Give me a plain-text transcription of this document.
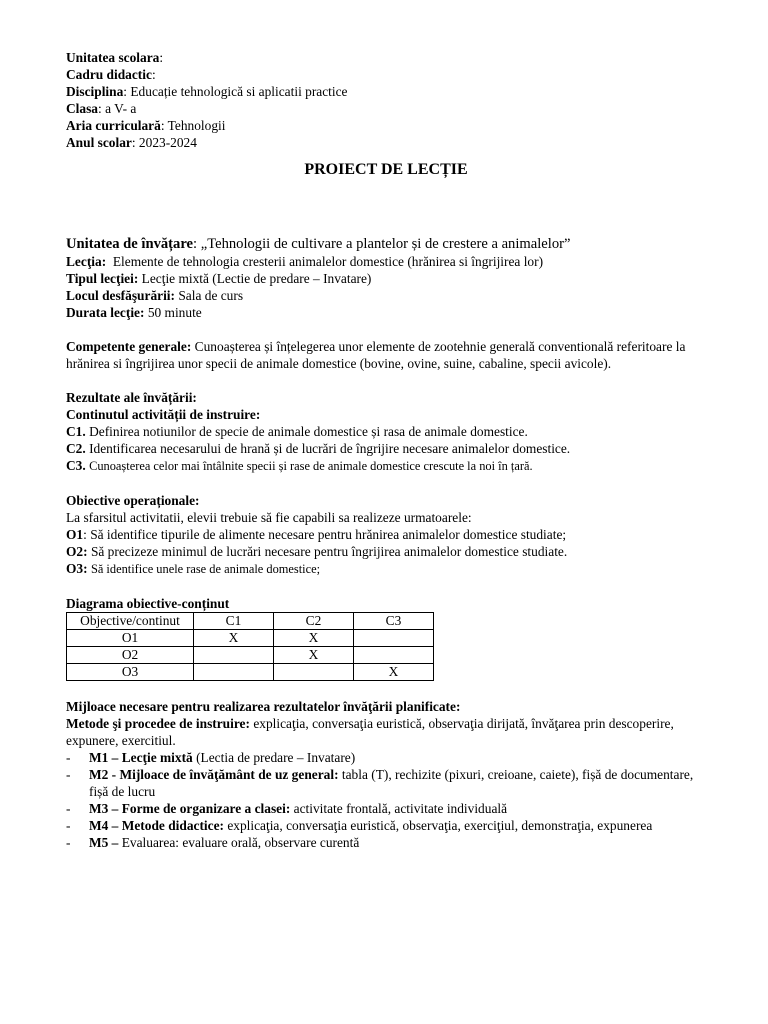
Unitatea scolara:

Cadru didactic:

Disciplina: Educație tehnologică si aplicatii practice

Clasa: a V- a

Aria curriculară: Tehnologii

Anul scolar: 2023-2024

PROIECT DE LECȚIE

Unitatea de învățare: „Tehnologii de cultivare a plantelor și de crestere a animalelor”

Lecţia: Elemente de tehnologia cresterii animalelor domestice (hrănirea si îngrijirea lor)

Tipul lecţiei: Lecţie mixtă (Lectie de predare – Invatare)

Locul desfăşurării: Sala de curs

Durata lecţie: 50 minute

Competente generale: Cunoașterea și înțelegerea unor elemente de zootehnie generală conventională referitoare la hrănirea si îngrijirea unor specii de animale domestice (bovine, ovine, suine, cabaline, specii avicole).

Rezultate ale învățării:

Continutul activității de instruire:

C1. Definirea notiunilor de specie de animale domestice și rasa de animale domestice.

C2. Identificarea necesarului de hrană și de lucrări de îngrijire necesare animalelor domestice.

C3. Cunoașterea celor mai întâlnite specii și rase de animale domestice crescute la noi în țară.

Obiective operaționale:

La sfarsitul activitatii, elevii trebuie să fie capabili sa realizeze urmatoarele:

O1: Să identifice tipurile de alimente necesare pentru hrănirea animalelor domestice studiate;

O2: Să precizeze minimul de lucrări necesare pentru îngrijirea animalelor domestice studiate.

O3: Să identifice unele rase de animale domestice;

Diagrama obiective-conținut

Objective/continut	C1	C2	C3
O1	X	X	
O2		X	
O3			X

Mijloace necesare pentru realizarea rezultatelor învăţării planificate:

Metode şi procedee de instruire: explicaţia, conversaţia euristică, observaţia dirijată, învăţarea prin descoperire, expunere, exercitiul.

- M1 – Lecţie mixtă (Lectia de predare – Invatare)
- M2 - Mijloace de învăţământ de uz general: tabla (T), rechizite (pixuri, creioane, caiete), fișă de documentare, fișă de lucru
- M3 – Forme de organizare a clasei: activitate frontală, activitate individuală
- M4 – Metode didactice: explicaţia, conversaţia euristică, observaţia, exerciţiul, demonstraţia, expunerea
- M5 – Evaluarea: evaluare orală, observare curentă
